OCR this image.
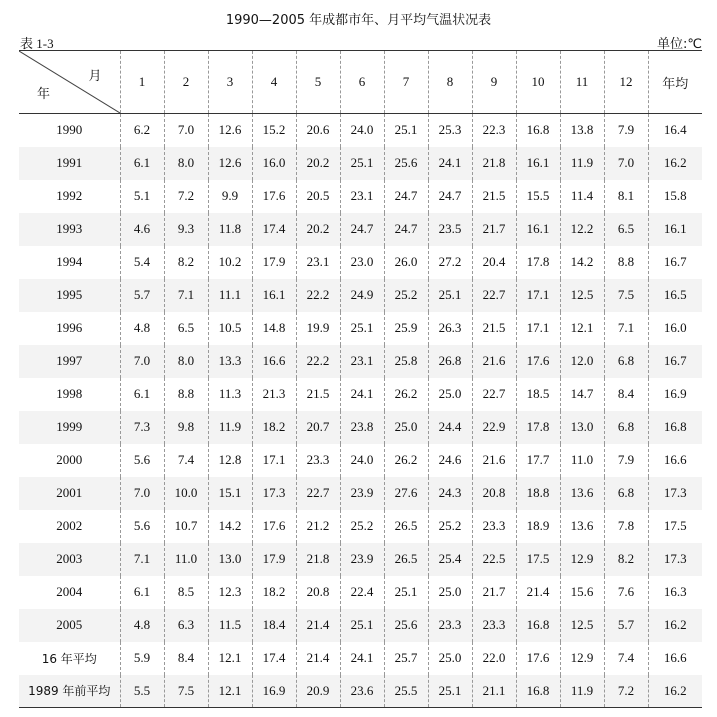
1990—2005 年成都市年、月平均气温状况表
表 1-3	单位:℃
月
年	1	2	3	4	5	6	7	8	9	10	11	12	年均
1990	6.2	7.0	12.6	15.2	20.6	24.0	25.1	25.3	22.3	16.8	13.8	7.9	16.4
1991	6.1	8.0	12.6	16.0	20.2	25.1	25.6	24.1	21.8	16.1	11.9	7.0	16.2
1992	5.1	7.2	9.9	17.6	20.5	23.1	24.7	24.7	21.5	15.5	11.4	8.1	15.8
1993	4.6	9.3	11.8	17.4	20.2	24.7	24.7	23.5	21.7	16.1	12.2	6.5	16.1
1994	5.4	8.2	10.2	17.9	23.1	23.0	26.0	27.2	20.4	17.8	14.2	8.8	16.7
1995	5.7	7.1	11.1	16.1	22.2	24.9	25.2	25.1	22.7	17.1	12.5	7.5	16.5
1996	4.8	6.5	10.5	14.8	19.9	25.1	25.9	26.3	21.5	17.1	12.1	7.1	16.0
1997	7.0	8.0	13.3	16.6	22.2	23.1	25.8	26.8	21.6	17.6	12.0	6.8	16.7
1998	6.1	8.8	11.3	21.3	21.5	24.1	26.2	25.0	22.7	18.5	14.7	8.4	16.9
1999	7.3	9.8	11.9	18.2	20.7	23.8	25.0	24.4	22.9	17.8	13.0	6.8	16.8
2000	5.6	7.4	12.8	17.1	23.3	24.0	26.2	24.6	21.6	17.7	11.0	7.9	16.6
2001	7.0	10.0	15.1	17.3	22.7	23.9	27.6	24.3	20.8	18.8	13.6	6.8	17.3
2002	5.6	10.7	14.2	17.6	21.2	25.2	26.5	25.2	23.3	18.9	13.6	7.8	17.5
2003	7.1	11.0	13.0	17.9	21.8	23.9	26.5	25.4	22.5	17.5	12.9	8.2	17.3
2004	6.1	8.5	12.3	18.2	20.8	22.4	25.1	25.0	21.7	21.4	15.6	7.6	16.3
2005	4.8	6.3	11.5	18.4	21.4	25.1	25.6	23.3	23.3	16.8	12.5	5.7	16.2
16 年平均	5.9	8.4	12.1	17.4	21.4	24.1	25.7	25.0	22.0	17.6	12.9	7.4	16.6
1989 年前平均	5.5	7.5	12.1	16.9	20.9	23.6	25.5	25.1	21.1	16.8	11.9	7.2	16.2
